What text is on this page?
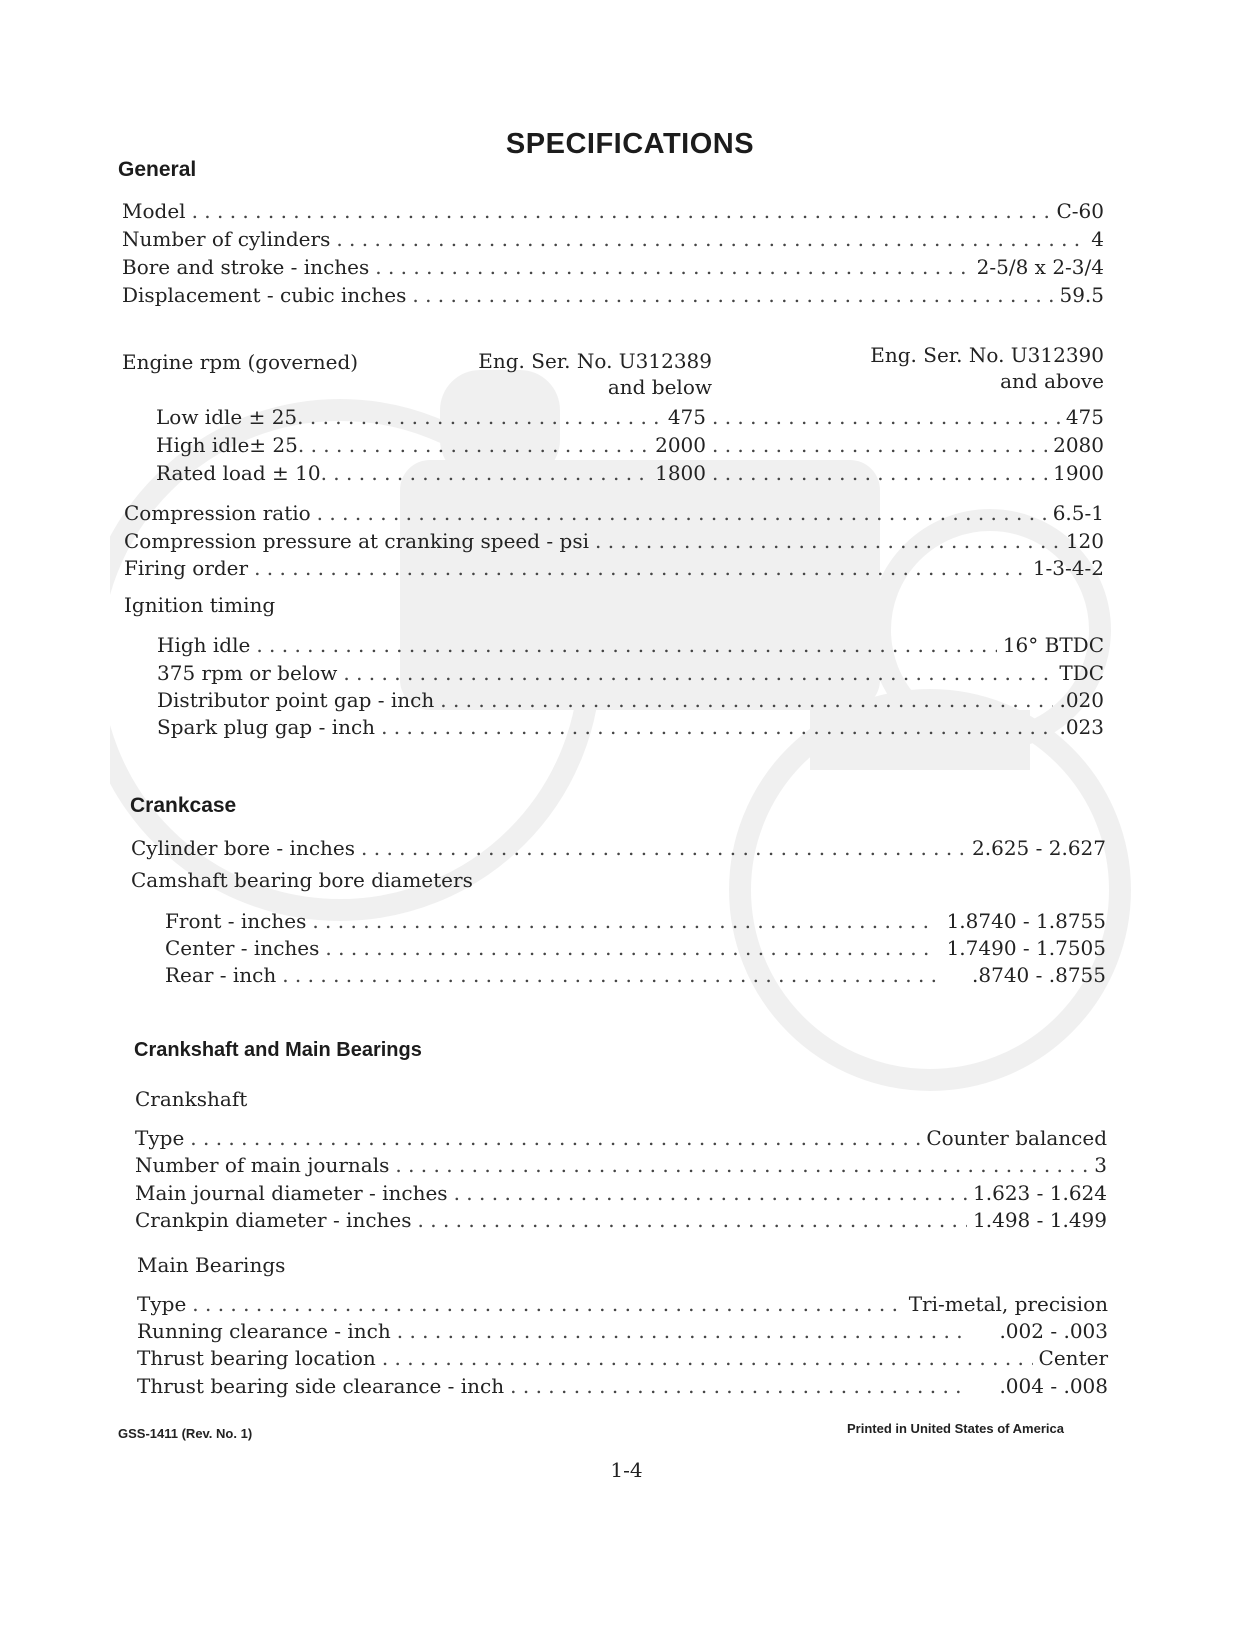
SPECIFICATIONS
General
Model . . .	C-60
Number of cylinders . . .	4
Bore and stroke - inches . . .	2-5/8 x 2-3/4
Displacement - cubic inches . . .	59.5
Engine rpm (governed)	Eng. Ser. No. U312389
and below
Eng. Ser. No. U312390
and above
Low idle ± 25 . . .	475 . . .	475
High idle± 25 . . .	2000 . . .	2080
Rated load ± 10 . . .	1800 . . .	1900
Compression ratio . . .	6.5-1
Compression pressure at cranking speed - psi . . .	120
Firing order . . .	1-3-4-2
Ignition timing
High idle . . .	16° BTDC
375 rpm or below . . .	TDC
Distributor point gap - inch . . .	.020
Spark plug gap - inch . . .	.023
Crankcase
Cylinder bore - inches . . .	2.625 - 2.627
Camshaft bearing bore diameters
Front - inches . . .	1.8740 - 1.8755
Center - inches . . .	1.7490 - 1.7505
Rear - inch . . .	.8740 - .8755
Crankshaft and Main Bearings
Crankshaft
Type . . .	Counter balanced
Number of main journals . . .	3
Main journal diameter - inches . . .	1.623 - 1.624
Crankpin diameter - inches . . .	1.498 - 1.499
Main Bearings
Type . . .	Tri-metal, precision
Running clearance - inch . . .	.002 - .003
Thrust bearing location . . .	Center
Thrust bearing side clearance - inch . . .	.004 - .008
GSS-1411 (Rev. No. 1)	Printed in United States of America
1-4
